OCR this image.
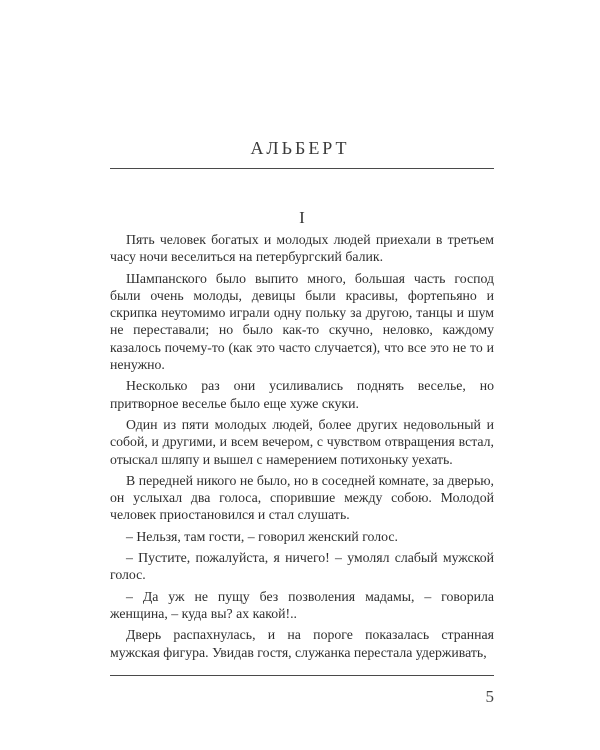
АЛЬБЕРТ
I

Пять человек богатых и молодых людей приехали в третьем часу ночи веселиться на петербургский балик.

Шампанского было выпито много, большая часть господ были очень молоды, девицы были красивы, фортепьяно и скрипка неутомимо играли одну польку за другою, танцы и шум не переставали; но было как-то скучно, неловко, каждому казалось почему-то (как это часто случается), что все это не то и ненужно.

Несколько раз они усиливались поднять веселье, но притворное веселье было еще хуже скуки.

Один из пяти молодых людей, более других недовольный и собой, и другими, и всем вечером, с чувством отвращения встал, отыскал шляпу и вышел с намерением потихоньку уехать.

В передней никого не было, но в соседней комнате, за дверью, он услыхал два голоса, спорившие между собою. Молодой человек приостановился и стал слушать.

– Нельзя, там гости, – говорил женский голос.

– Пустите, пожалуйста, я ничего! – умолял слабый мужской голос.

– Да уж не пущу без позволения мадамы, – говорила женщина, – куда вы? ах какой!..

Дверь распахнулась, и на пороге показалась странная мужская фигура. Увидав гостя, служанка перестала удерживать,

5
